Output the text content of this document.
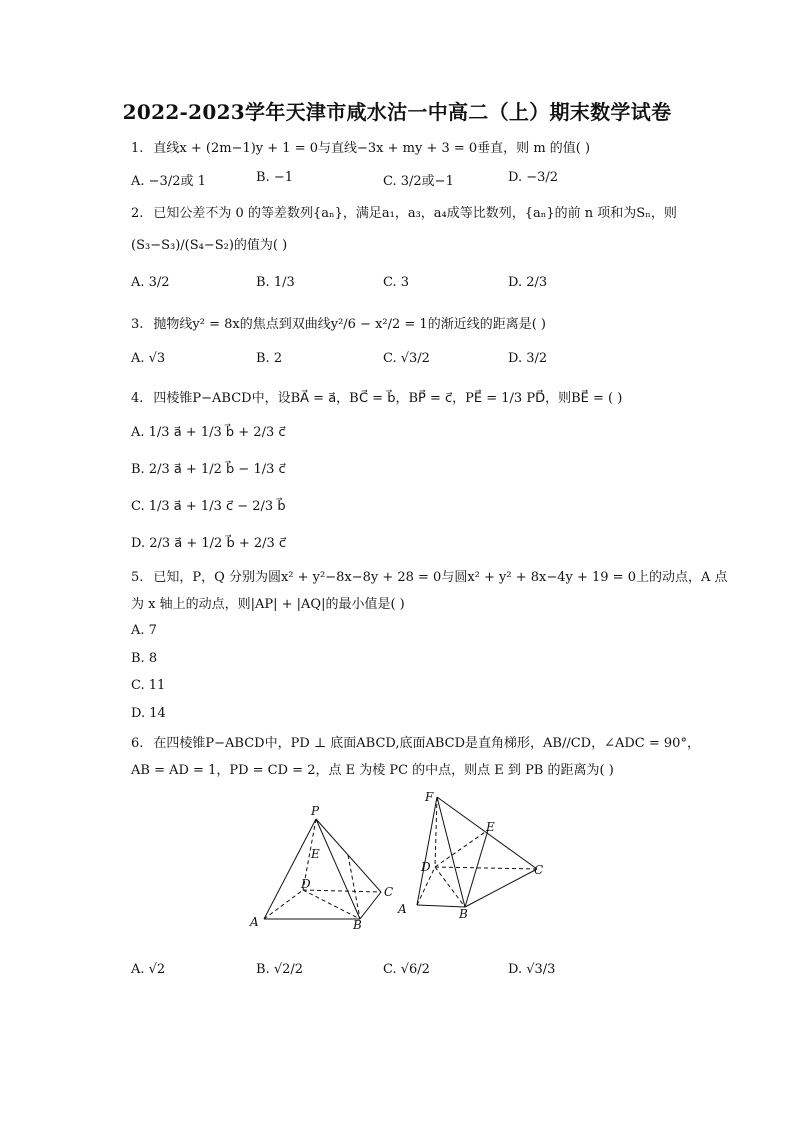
2022-2023学年天津市咸水沽一中高二（上）期末数学试卷
1. 直线x + (2m−1)y + 1 = 0与直线−3x + my + 3 = 0垂直，则 m 的值( )
A. −3/2或 1	B. −1	C. 3/2或−1	D. −3/2
2. 已知公差不为 0 的等差数列{aₙ}，满足a₁，a₃，a₄成等比数列，{aₙ}的前 n 项和为Sₙ，则
(S₃−S₃)/(S₄−S₂)的值为( )
A. 3/2	B. 1/3	C. 3	D. 2/3
3. 抛物线y² = 8x的焦点到双曲线y²/6 − x²/2 = 1的渐近线的距离是( )
A. √3	B. 2	C. √3/2	D. 3/2
4. 四棱锥P−ABCD中，设BA⃗ = a⃗，BC⃗ = b⃗，BP⃗ = c⃗，PE⃗ = 1/3 PD⃗，则BE⃗ = ( )
A. 1/3 a⃗ + 1/3 b⃗ + 2/3 c⃗
B. 2/3 a⃗ + 1/2 b⃗ − 1/3 c⃗
C. 1/3 a⃗ + 1/3 c⃗ − 2/3 b⃗
D. 2/3 a⃗ + 1/2 b⃗ + 2/3 c⃗
5. 已知，P，Q 分别为圆x² + y²−8x−8y + 28 = 0与圆x² + y² + 8x−4y + 19 = 0上的动点，A 点
为 x 轴上的动点，则|AP| + |AQ|的最小值是( )
A. 7
B. 8
C. 11
D. 14
6. 在四棱锥P−ABCD中，PD ⊥ 底面ABCD,底面ABCD是直角梯形，AB//CD，∠ADC = 90°，
AB = AD = 1，PD = CD = 2，点 E 为棱 PC 的中点，则点 E 到 PB 的距离为( )
P
E
D
C
A	B
F
E
D	C
A	B
A. √2	B. √2/2	C. √6/2	D. √3/3
